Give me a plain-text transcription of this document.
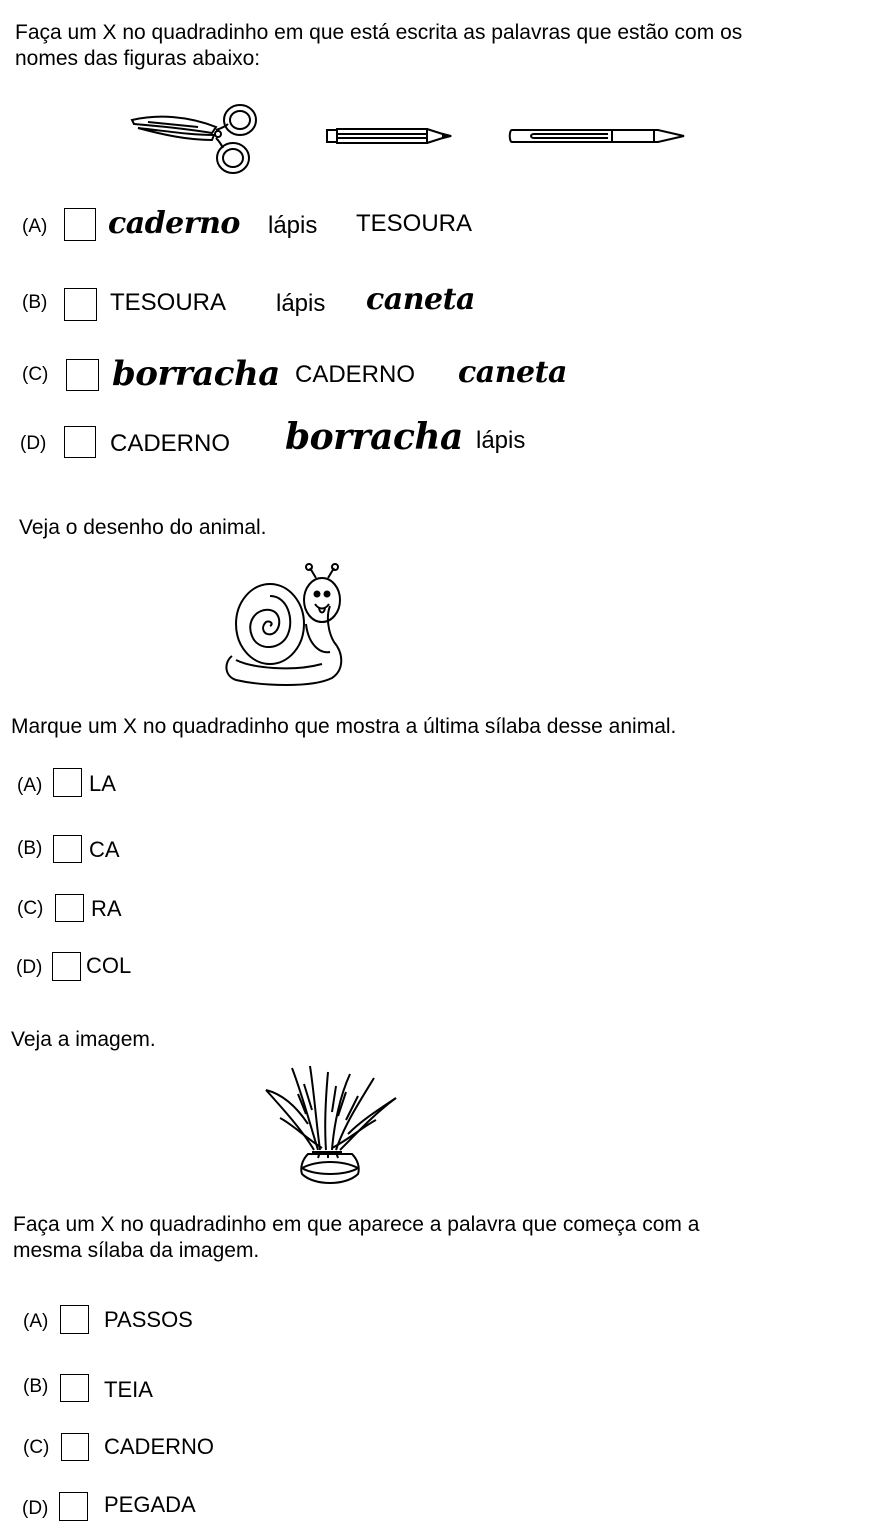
Faça um X no quadradinho em que está escrita as palavras que estão com os
nomes das figuras abaixo:
(A) caderno lápis TESOURA
(B)	TESOURA lápis caneta
(C) borracha CADERNO caneta
(D)	CADERNO borracha lápis
Veja o desenho do animal.
Marque um X no quadradinho que mostra a última sílaba desse animal.
(A) LA
(B) CA
(C) RA
(D) COL
Veja a imagem.
Faça um X no quadradinho em que aparece a palavra que começa com a
mesma sílaba da imagem.
(A)	PASSOS
(B)	TEIA
(C) CADERNO
(D)	PEGADA
